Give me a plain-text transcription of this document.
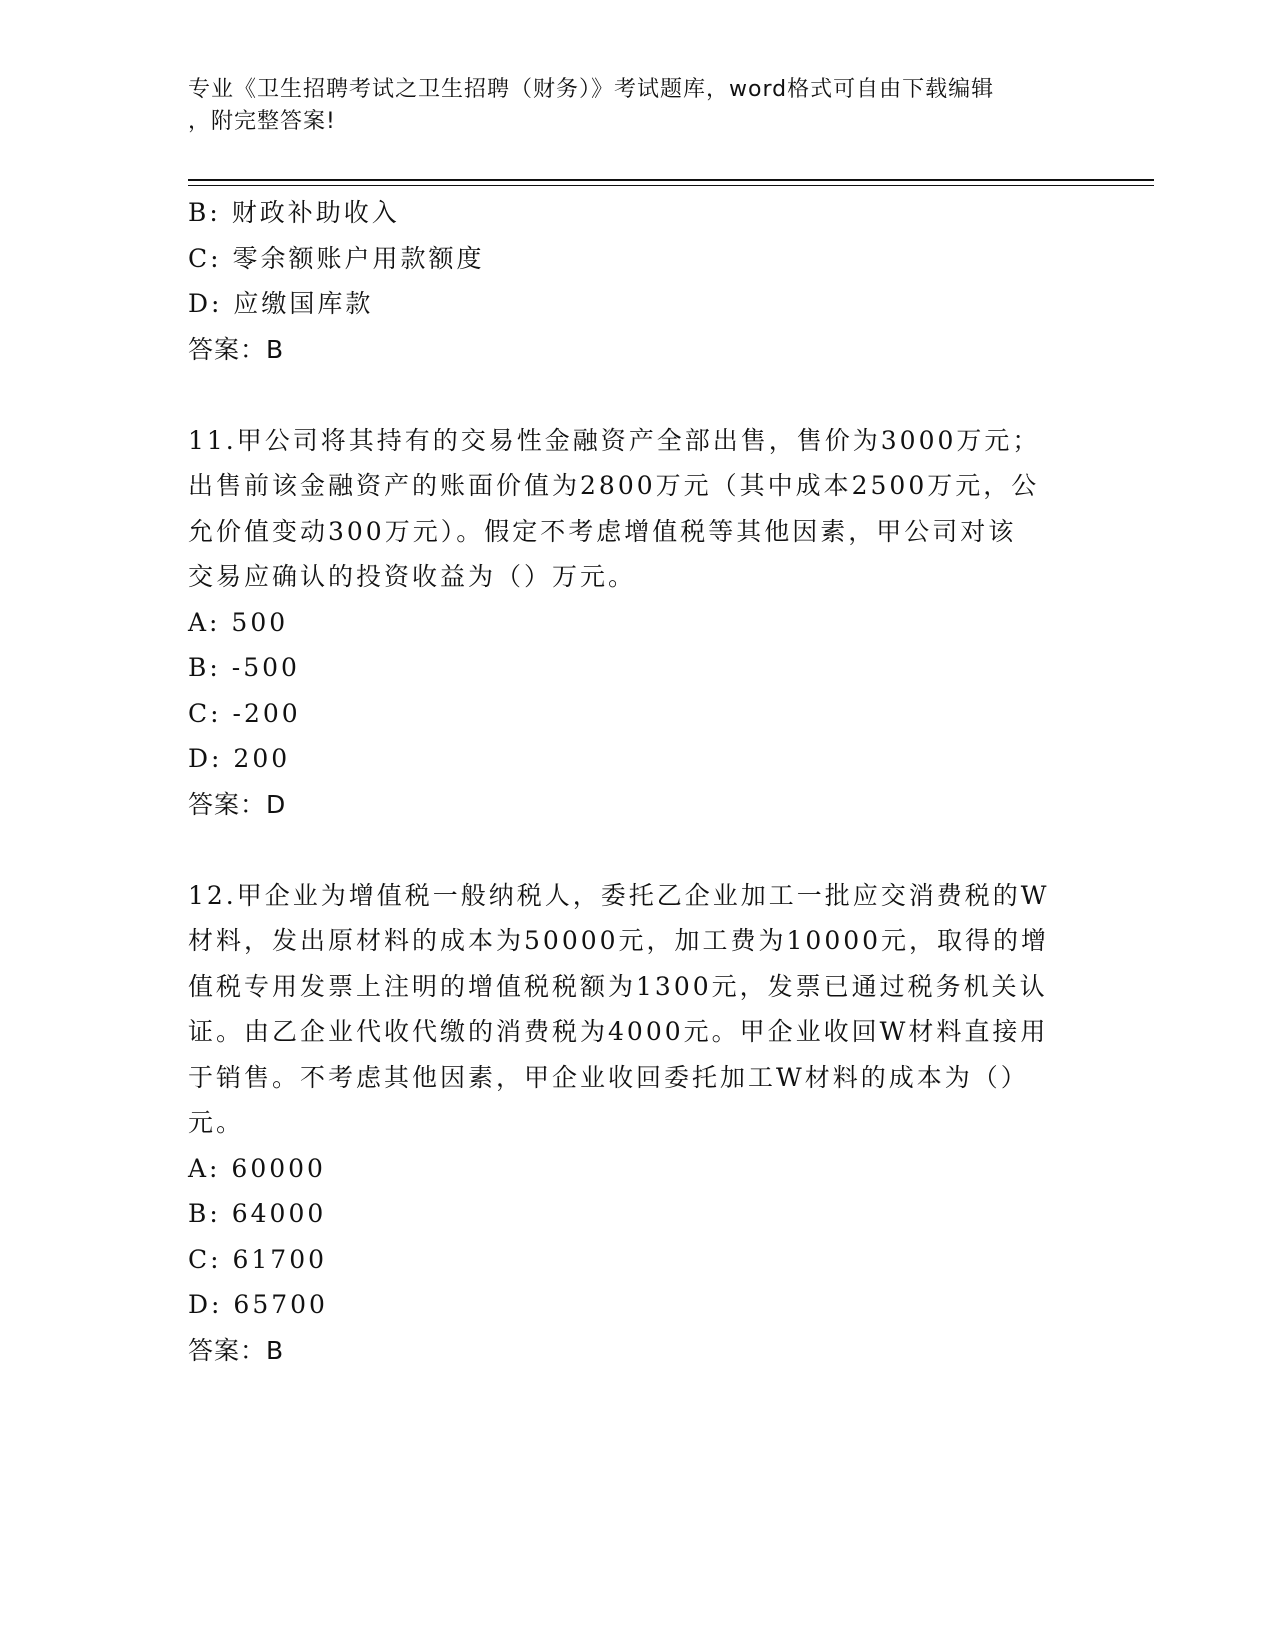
专业《卫生招聘考试之卫生招聘（财务）》考试题库，word格式可自由下载编辑
，附完整答案!
B: 财政补助收入
C: 零余额账户用款额度
D: 应缴国库款
答案：B
11.甲公司将其持有的交易性金融资产全部出售，售价为3000万元；
出售前该金融资产的账面价值为2800万元（其中成本2500万元，公
允价值变动300万元）。假定不考虑增值税等其他因素，甲公司对该
交易应确认的投资收益为（）万元。
A: 500
B: -500
C: -200
D: 200
答案：D
12.甲企业为增值税一般纳税人，委托乙企业加工一批应交消费税的W
材料，发出原材料的成本为50000元，加工费为10000元，取得的增
值税专用发票上注明的增值税税额为1300元，发票已通过税务机关认
证。由乙企业代收代缴的消费税为4000元。甲企业收回W材料直接用
于销售。不考虑其他因素，甲企业收回委托加工W材料的成本为（）
元。
A: 60000
B: 64000
C: 61700
D: 65700
答案：B
